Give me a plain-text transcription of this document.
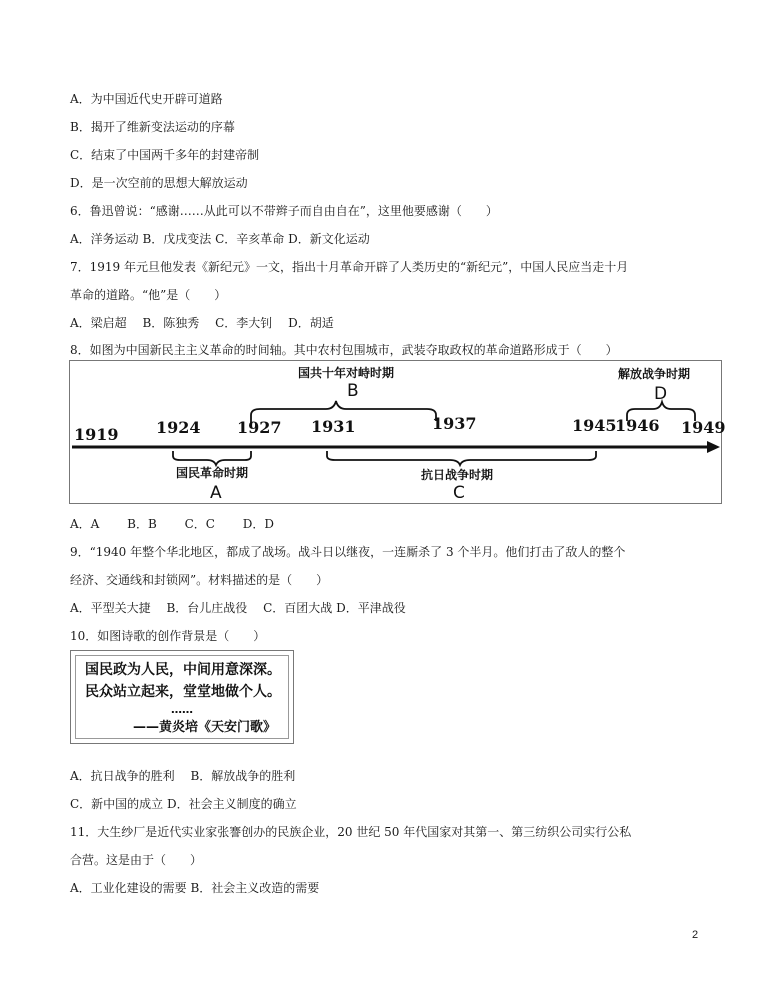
A．为中国近代史开辟可道路
B．揭开了维新变法运动的序幕
C．结束了中国两千多年的封建帝制
D．是一次空前的思想大解放运动
6．鲁迅曾说：“感谢……从此可以不带辫子而自由自在”，这里他要感谢（　　）
A．洋务运动 B．戊戌变法 C．辛亥革命 D．新文化运动
7．1919 年元旦他发表《新纪元》一文，指出十月革命开辟了人类历史的“新纪元”，中国人民应当走十月
革命的道路。“他”是（　　）
A．梁启超　 B．陈独秀　 C．李大钊　 D．胡适
8．如图为中国新民主主义革命的时间轴。其中农村包围城市，武装夺取政权的革命道路形成于（　　）
1919 1924 1927 1931	1937	1945
1946 1949
国共十年对峙时期
B
解放战争时期
D
国民革命时期
A
抗日战争时期
C
A．A　　 B．B　　 C．C　　 D．D
9．“1940 年整个华北地区，都成了战场。战斗日以继夜，一连厮杀了 3 个半月。他们打击了敌人的整个
经济、交通线和封锁网”。材料描述的是（　　）
A．平型关大捷　 B．台儿庄战役　 C．百团大战 D．平津战役
10．如图诗歌的创作背景是（　　）
国民政为人民，中间用意深深。
民众站立起来，堂堂地做个人。
……
——黄炎培《天安门歌》
A．抗日战争的胜利　 B．解放战争的胜利
C．新中国的成立 D．社会主义制度的确立
11．大生纱厂是近代实业家张謇创办的民族企业，20 世纪 50 年代国家对其第一、第三纺织公司实行公私
合营。这是由于（　　）
A．工业化建设的需要 B．社会主义改造的需要
2
